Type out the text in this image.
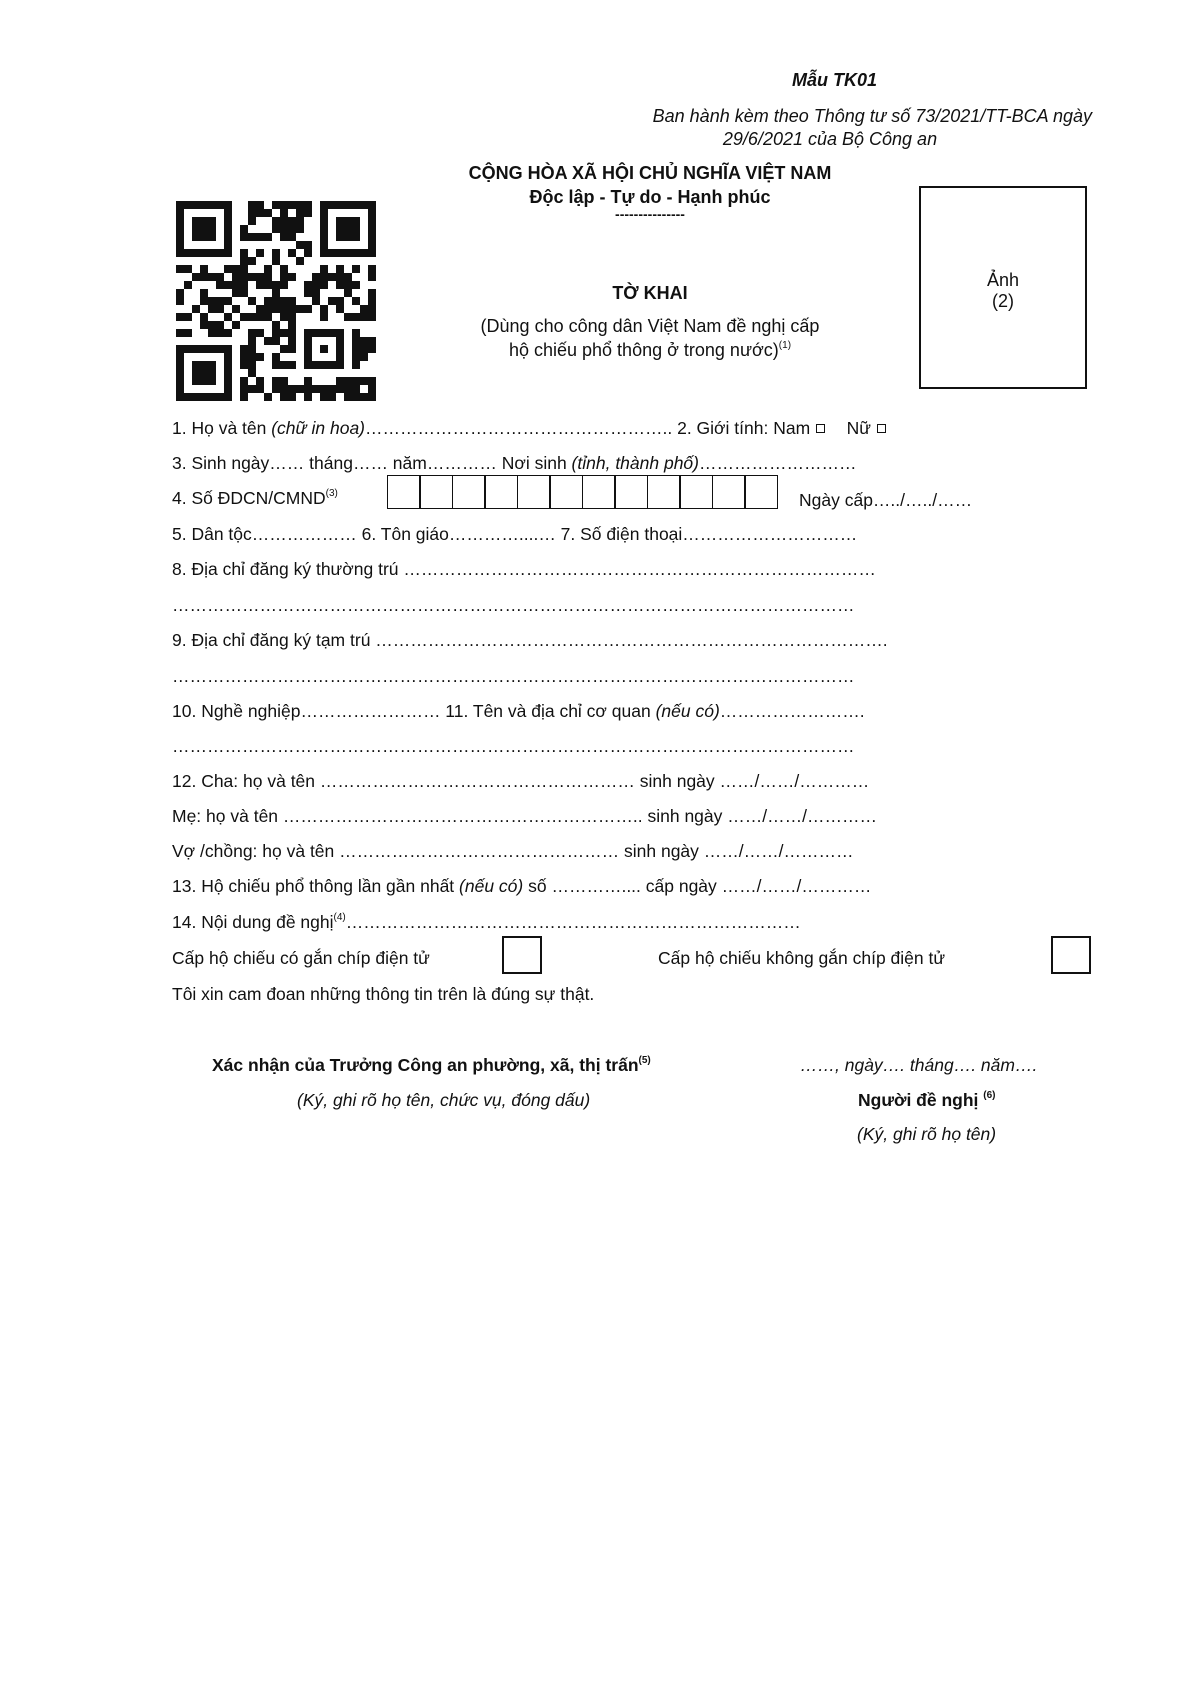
Mẫu TK01
Ban hành kèm theo Thông tư số 73/2021/TT-BCA ngày
29/6/2021 của Bộ Công an
CỘNG HÒA XÃ HỘI CHỦ NGHĨA VIỆT NAM
Độc lập - Tự do - Hạnh phúc
---------------
TỜ KHAI
(Dùng cho công dân Việt Nam đề nghị cấp
hộ chiếu phổ thông ở trong nước)$^{(1)}$
Ảnh
(2)
1. Họ và tên (chữ in hoa)…………………………………………….. 2. Giới tính: Nam Nữ
3. Sinh ngày…… tháng…… năm………… Nơi sinh (tỉnh, thành phố)………………………
4. Số ĐDCN/CMND$^{(3)}$	Ngày cấp…../…../……
5. Dân tộc……………… 6. Tôn giáo…………....… 7. Số điện thoại…………………………
8. Địa chỉ đăng ký thường trú ………………………………………………………………………
………………………………………………………………………………………………………
9. Địa chỉ đăng ký tạm trú …………………………………………………………………………….
………………………………………………………………………………………………………
10. Nghề nghiệp…………………… 11. Tên và địa chỉ cơ quan (nếu có)…………………….
………………………………………………………………………………………………………
12. Cha: họ và tên ……………………………………………… sinh ngày ……/……/…………
Mẹ: họ và tên …………………………………………………….. sinh ngày ……/……/…………
Vợ /chồng: họ và tên ………………………………………… sinh ngày ……/……/…………
13. Hộ chiếu phổ thông lần gần nhất (nếu có) số ………….... cấp ngày ……/……/…………
14. Nội dung đề nghị$^{(4)}$……………………………………………………………………
Cấp hộ chiếu có gắn chíp điện tử	Cấp hộ chiếu không gắn chíp điện tử
Tôi xin cam đoan những thông tin trên là đúng sự thật.
Xác nhận của Trưởng Công an phường, xã, thị trấn$^{(5)}$
(Ký, ghi rõ họ tên, chức vụ, đóng dấu)
……, ngày…. tháng…. năm….
Người đề nghị $^{(6)}$
(Ký, ghi rõ họ tên)
